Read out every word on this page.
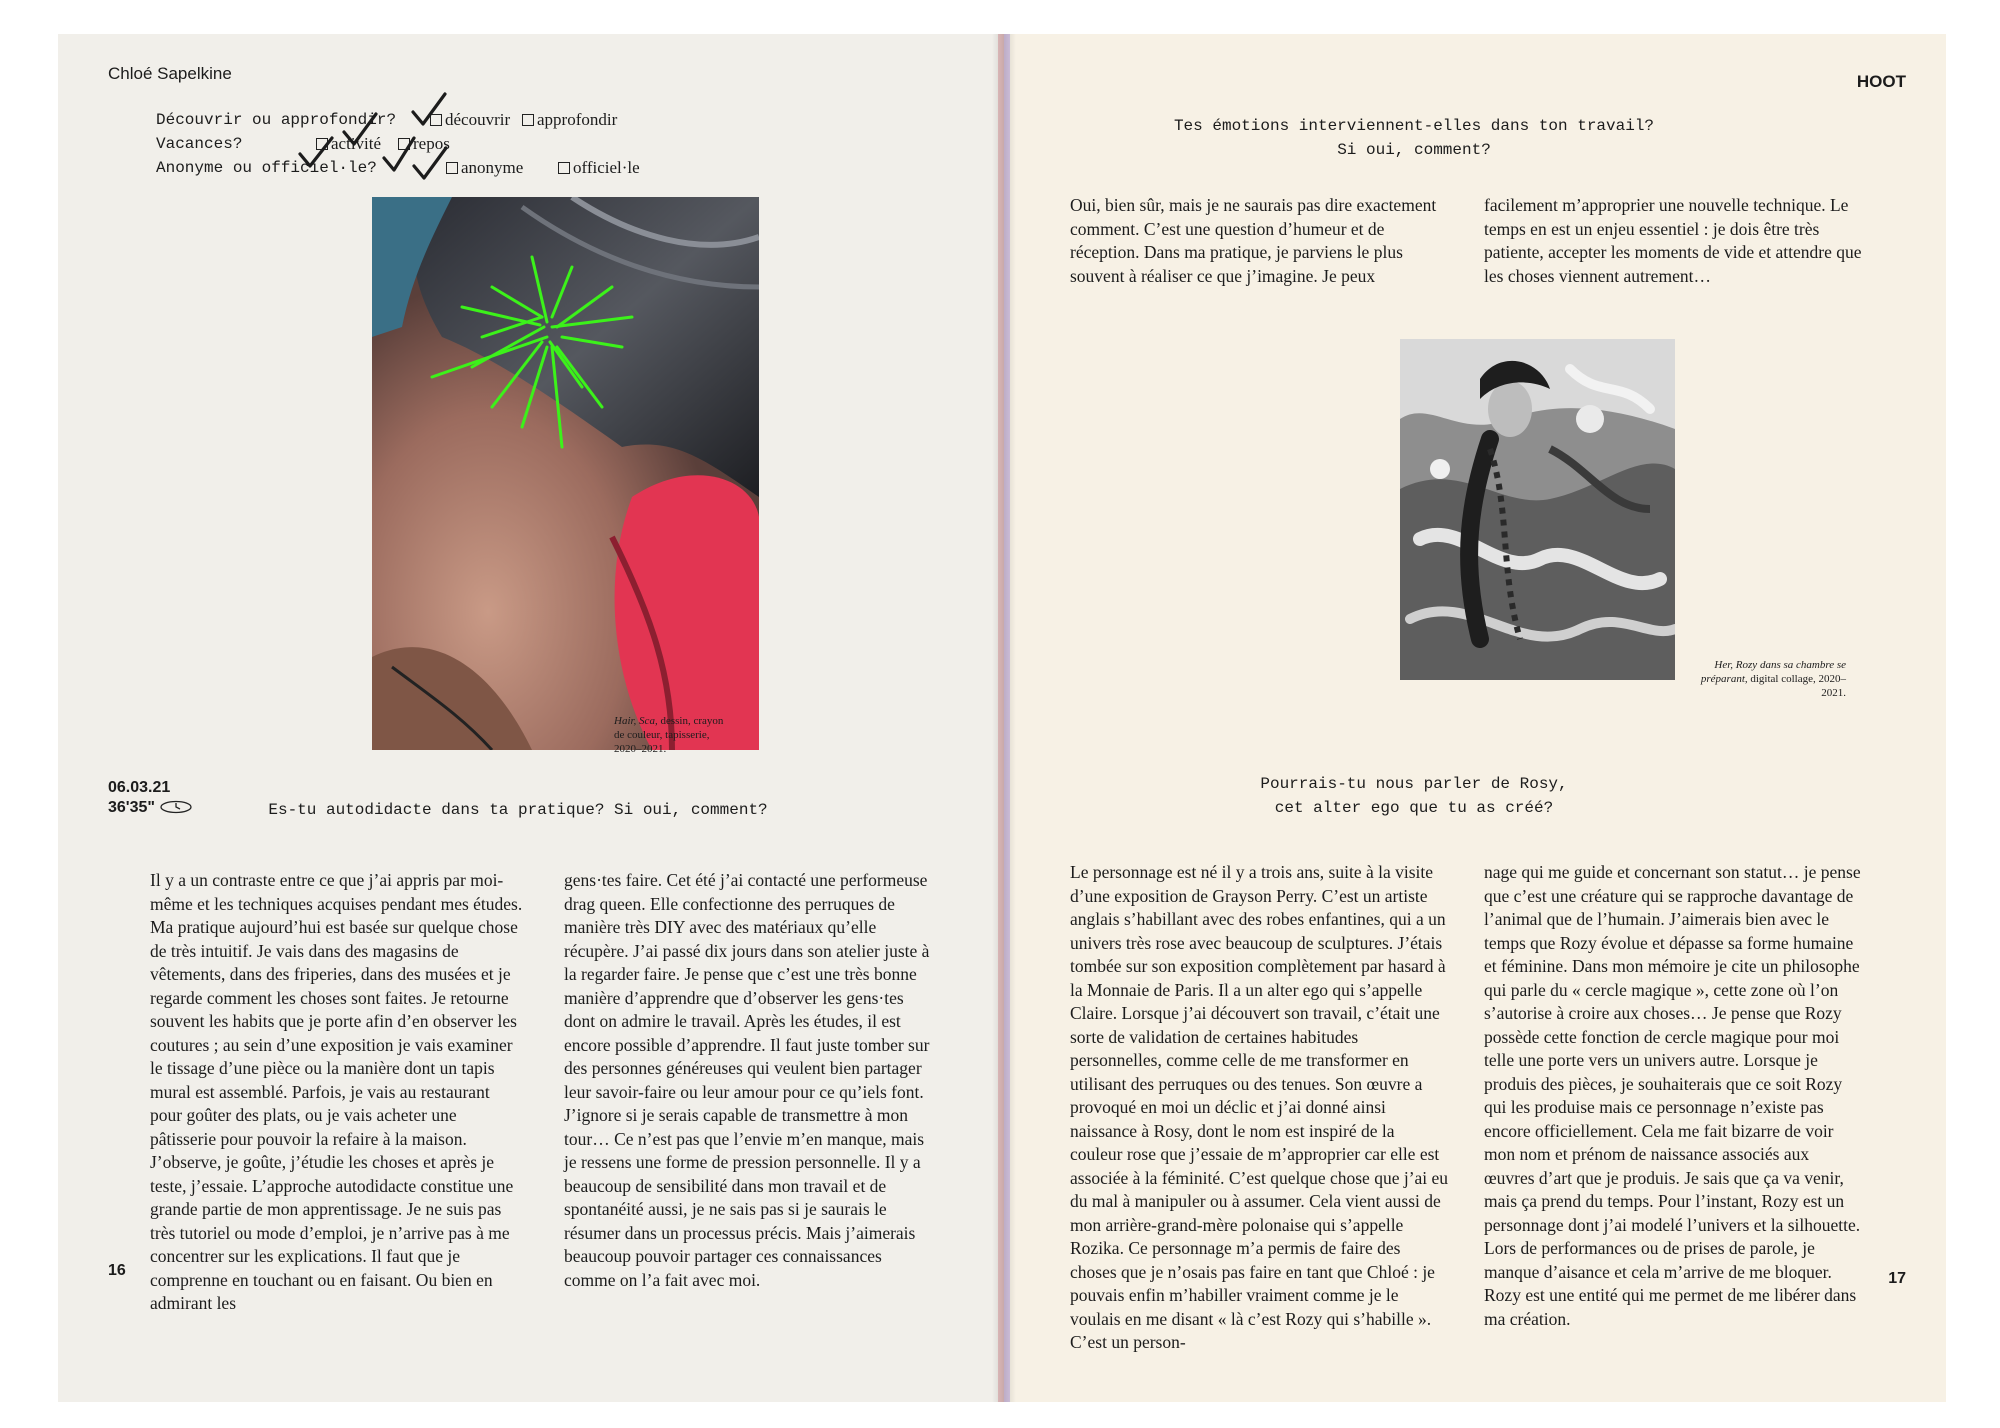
Chloé Sapelkine
Découvrir ou approfondir?	découvrir	approfondir
Vacances?	activité	repos
Anonyme ou officiel·le?	anonyme	officiel·le
Hair, Sca, dessin, crayon de couleur, tapisserie, 2020–2021.
06.03.21
36'35"	Es-tu autodidacte dans ta pratique? Si oui, comment?

Il y a un contraste entre ce que j’ai appris par moi-même et les techniques acquises pendant mes études. Ma pratique aujourd’hui est basée sur quelque chose de très intuitif. Je vais dans des magasins de vêtements, dans des friperies, dans des musées et je regarde comment les choses sont faites. Je retourne souvent les habits que je porte afin d’en observer les coutures ; au sein d’une exposition je vais examiner le tissage d’une pièce ou la manière dont un tapis mural est assemblé. Parfois, je vais au restaurant pour goûter des plats, ou je vais acheter une pâtisserie pour pouvoir la refaire à la maison. J’observe, je goûte, j’étudie les choses et après je teste, j’essaie. L’approche autodidacte constitue une grande partie de mon apprentissage. Je ne suis pas très tutoriel ou mode d’emploi, je n’arrive pas à me concentrer sur les explications. Il faut que je comprenne en touchant ou en faisant. Ou bien en admirant les

gens·tes faire. Cet été j’ai contacté une performeuse drag queen. Elle confectionne des perruques de manière très DIY avec des matériaux qu’elle récupère. J’ai passé dix jours dans son atelier juste à la regarder faire. Je pense que c’est une très bonne manière d’apprendre que d’observer les gens·tes dont on admire le travail. Après les études, il est encore possible d’apprendre. Il faut juste tomber sur des personnes généreuses qui veulent bien partager leur savoir-faire ou leur amour pour ce qu’iels font. J’ignore si je serais capable de transmettre à mon tour… Ce n’est pas que l’envie m’en manque, mais je ressens une forme de pression personnelle. Il y a beaucoup de sensibilité dans mon travail et de spontanéité aussi, je ne sais pas si je saurais le résumer dans un processus précis. Mais j’aimerais beaucoup pouvoir partager ces connaissances comme on l’a fait avec moi.

16
HOOT
Tes émotions interviennent-elles dans ton travail?
Si oui, comment?

Oui, bien sûr, mais je ne saurais pas dire exactement comment. C’est une question d’humeur et de réception. Dans ma pratique, je parviens le plus souvent à réaliser ce que j’imagine. Je peux

facilement m’approprier une nouvelle technique. Le temps en est un enjeu essentiel : je dois être très patiente, accepter les moments de vide et attendre que les choses viennent autrement…

Her, Rozy dans sa chambre se préparant, digital collage, 2020–2021.
Pourrais-tu nous parler de Rosy,
cet alter ego que tu as créé?

Le personnage est né il y a trois ans, suite à la visite d’une exposition de Grayson Perry. C’est un artiste anglais s’habillant avec des robes enfantines, qui a un univers très rose avec beaucoup de sculptures. J’étais tombée sur son exposition complètement par hasard à la Monnaie de Paris. Il a un alter ego qui s’appelle Claire. Lorsque j’ai découvert son travail, c’était une sorte de validation de certaines habitudes personnelles, comme celle de me transformer en utilisant des perruques ou des tenues. Son œuvre a provoqué en moi un déclic et j’ai donné ainsi naissance à Rosy, dont le nom est inspiré de la couleur rose que j’essaie de m’approprier car elle est associée à la féminité. C’est quelque chose que j’ai eu du mal à manipuler ou à assumer. Cela vient aussi de mon arrière-grand-mère polonaise qui s’appelle Rozika. Ce personnage m’a permis de faire des choses que je n’osais pas faire en tant que Chloé : je pouvais enfin m’habiller vraiment comme je le voulais en me disant « là c’est Rozy qui s’habille ». C’est un person-

nage qui me guide et concernant son statut… je pense que c’est une créature qui se rapproche davantage de l’animal que de l’humain. J’aimerais bien avec le temps que Rozy évolue et dépasse sa forme humaine et féminine. Dans mon mémoire je cite un philosophe qui parle du « cercle magique », cette zone où l’on s’autorise à croire aux choses… Je pense que Rozy possède cette fonction de cercle magique pour moi telle une porte vers un univers autre. Lorsque je produis des pièces, je souhaiterais que ce soit Rozy qui les produise mais ce personnage n’existe pas encore officiellement. Cela me fait bizarre de voir mon nom et prénom de naissance associés aux œuvres d’art que je produis. Je sais que ça va venir, mais ça prend du temps. Pour l’instant, Rozy est un personnage dont j’ai modelé l’univers et la silhouette. Lors de performances ou de prises de parole, je manque d’aisance et cela m’arrive de me bloquer. Rozy est une entité qui me permet de me libérer dans ma création.

17
